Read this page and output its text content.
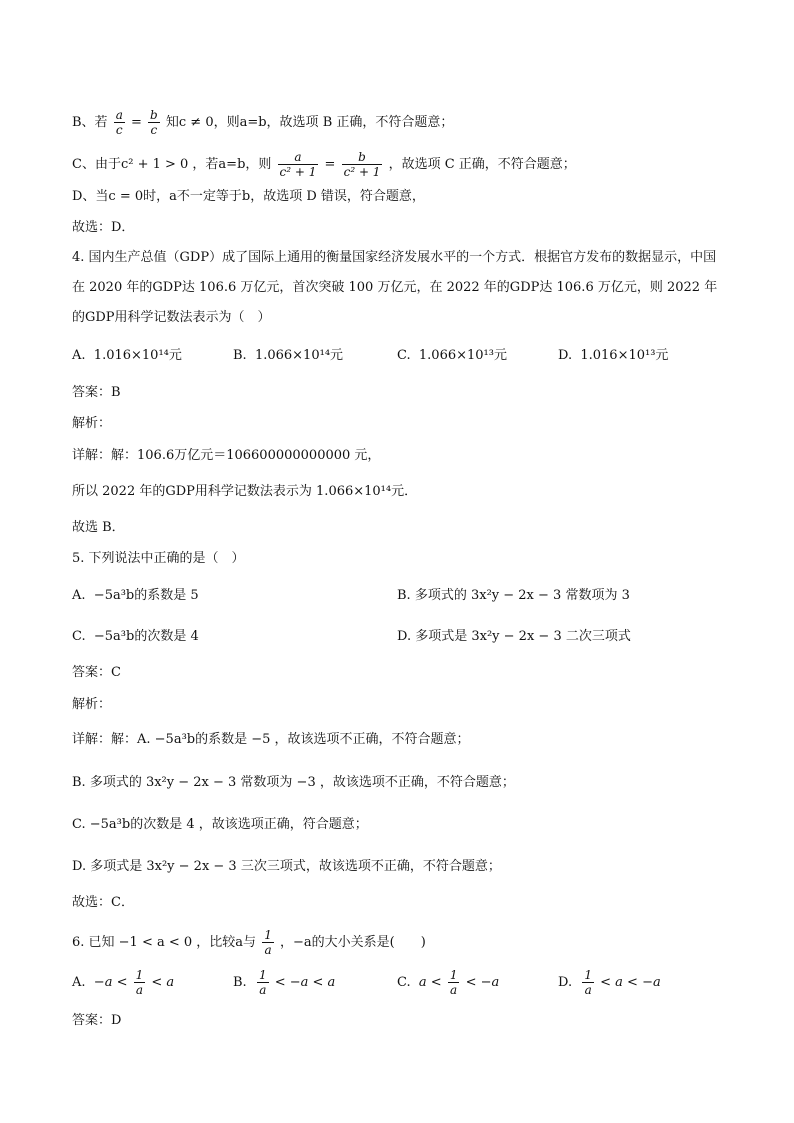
B、若 $\frac{a}{c} = \frac{b}{c}$ 知c ≠ 0，则a=b，故选项 B 正确，不符合题意；
C、由于c² + 1 > 0 ，若a=b，则 $\frac{a}{\text{c² + 1}} = \frac{b}{\text{c² + 1}}$ ，故选项 C 正确，不符合题意；
D、当c = 0时，a不一定等于b，故选项 D 错误，符合题意，
故选：D．
4. 国内生产总值（GDP）成了国际上通用的衡量国家经济发展水平的一个方式．根据官方发布的数据显示，中国在 2020 年的GDP达 106.6 万亿元，首次突破 100 万亿元，在 2022 年的GDP达 106.6 万亿元，则 2022 年的GDP用科学记数法表示为（　）
A. 1.016×10¹⁴元	B. 1.066×10¹⁴元	C. 1.066×10¹³元	D. 1.016×10¹³元
答案：B
解析：
详解：解：106.6万亿元＝106600000000000 元，
所以 2022 年的GDP用科学记数法表示为 1.066×10¹⁴元．
故选 B．
5. 下列说法中正确的是（　）
A. −5a³b的系数是 5	B. 多项式的 3x²y − 2x − 3 常数项为 3
C. −5a³b的次数是 4	D. 多项式是 3x²y − 2x − 3 二次三项式
答案：C
解析：
详解：解：A. −5a³b的系数是 −5 ，故该选项不正确，不符合题意；
B. 多项式的 3x²y − 2x − 3 常数项为 −3 ，故该选项不正确，不符合题意；
C. −5a³b的次数是 4 ，故该选项正确，符合题意；
D. 多项式是 3x²y − 2x − 3 三次三项式，故该选项不正确，不符合题意；
故选：C．
6. 已知 −1 < a < 0 ，比较a与 $\frac{1}{a}$ ，−a的大小关系是(　　)
A. $-a < \frac{1}{a} < a$	B. $\frac{1}{a} < -a < a$	C. $a < \frac{1}{a} < -a$	D. $\frac{1}{a} < a < -a$
答案：D
